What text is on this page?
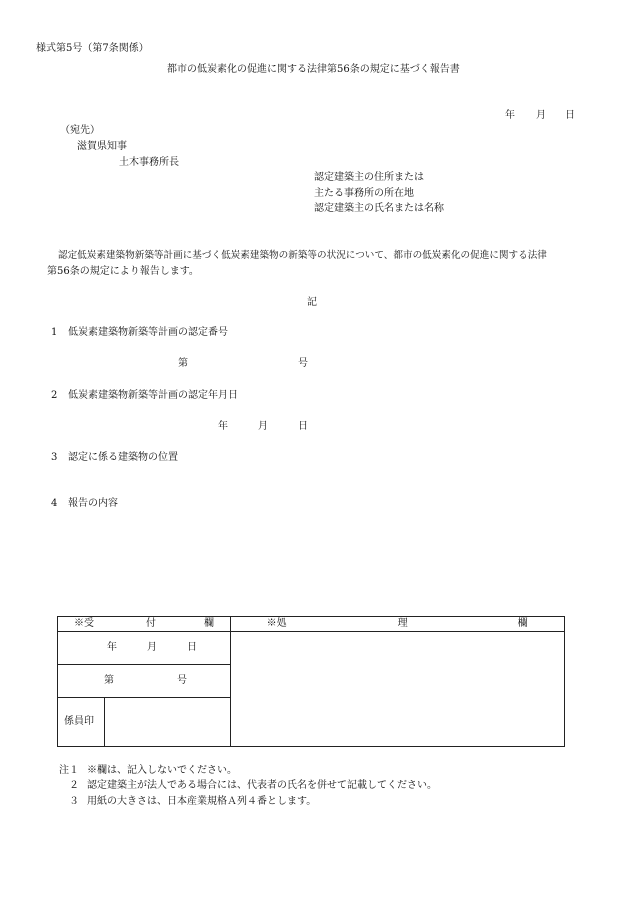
様式第5号（第7条関係）
都市の低炭素化の促進に関する法律第56条の規定に基づく報告書
年 月 日
（宛先）
滋賀県知事
土木事務所長
認定建築主の住所または
主たる事務所の所在地
認定建築主の氏名または名称
認定低炭素建築物新築等計画に基づく低炭素建築物の新築等の状況について、都市の低炭素化の促進に関する法律
第56条の規定により報告します。
記
1 低炭素建築物新築等計画の認定番号
第	号
2 低炭素建築物新築等計画の認定年月日
年	月	日
3 認定に係る建築物の位置
4 報告の内容
※受 付 欄		※処 理 欄

年 月 日		

第 号		

係員印		

注１ ※欄は、記入しないでください。
２ 認定建築主が法人である場合には、代表者の氏名を併せて記載してください。
３ 用紙の大きさは、日本産業規格Ａ列４番とします。
